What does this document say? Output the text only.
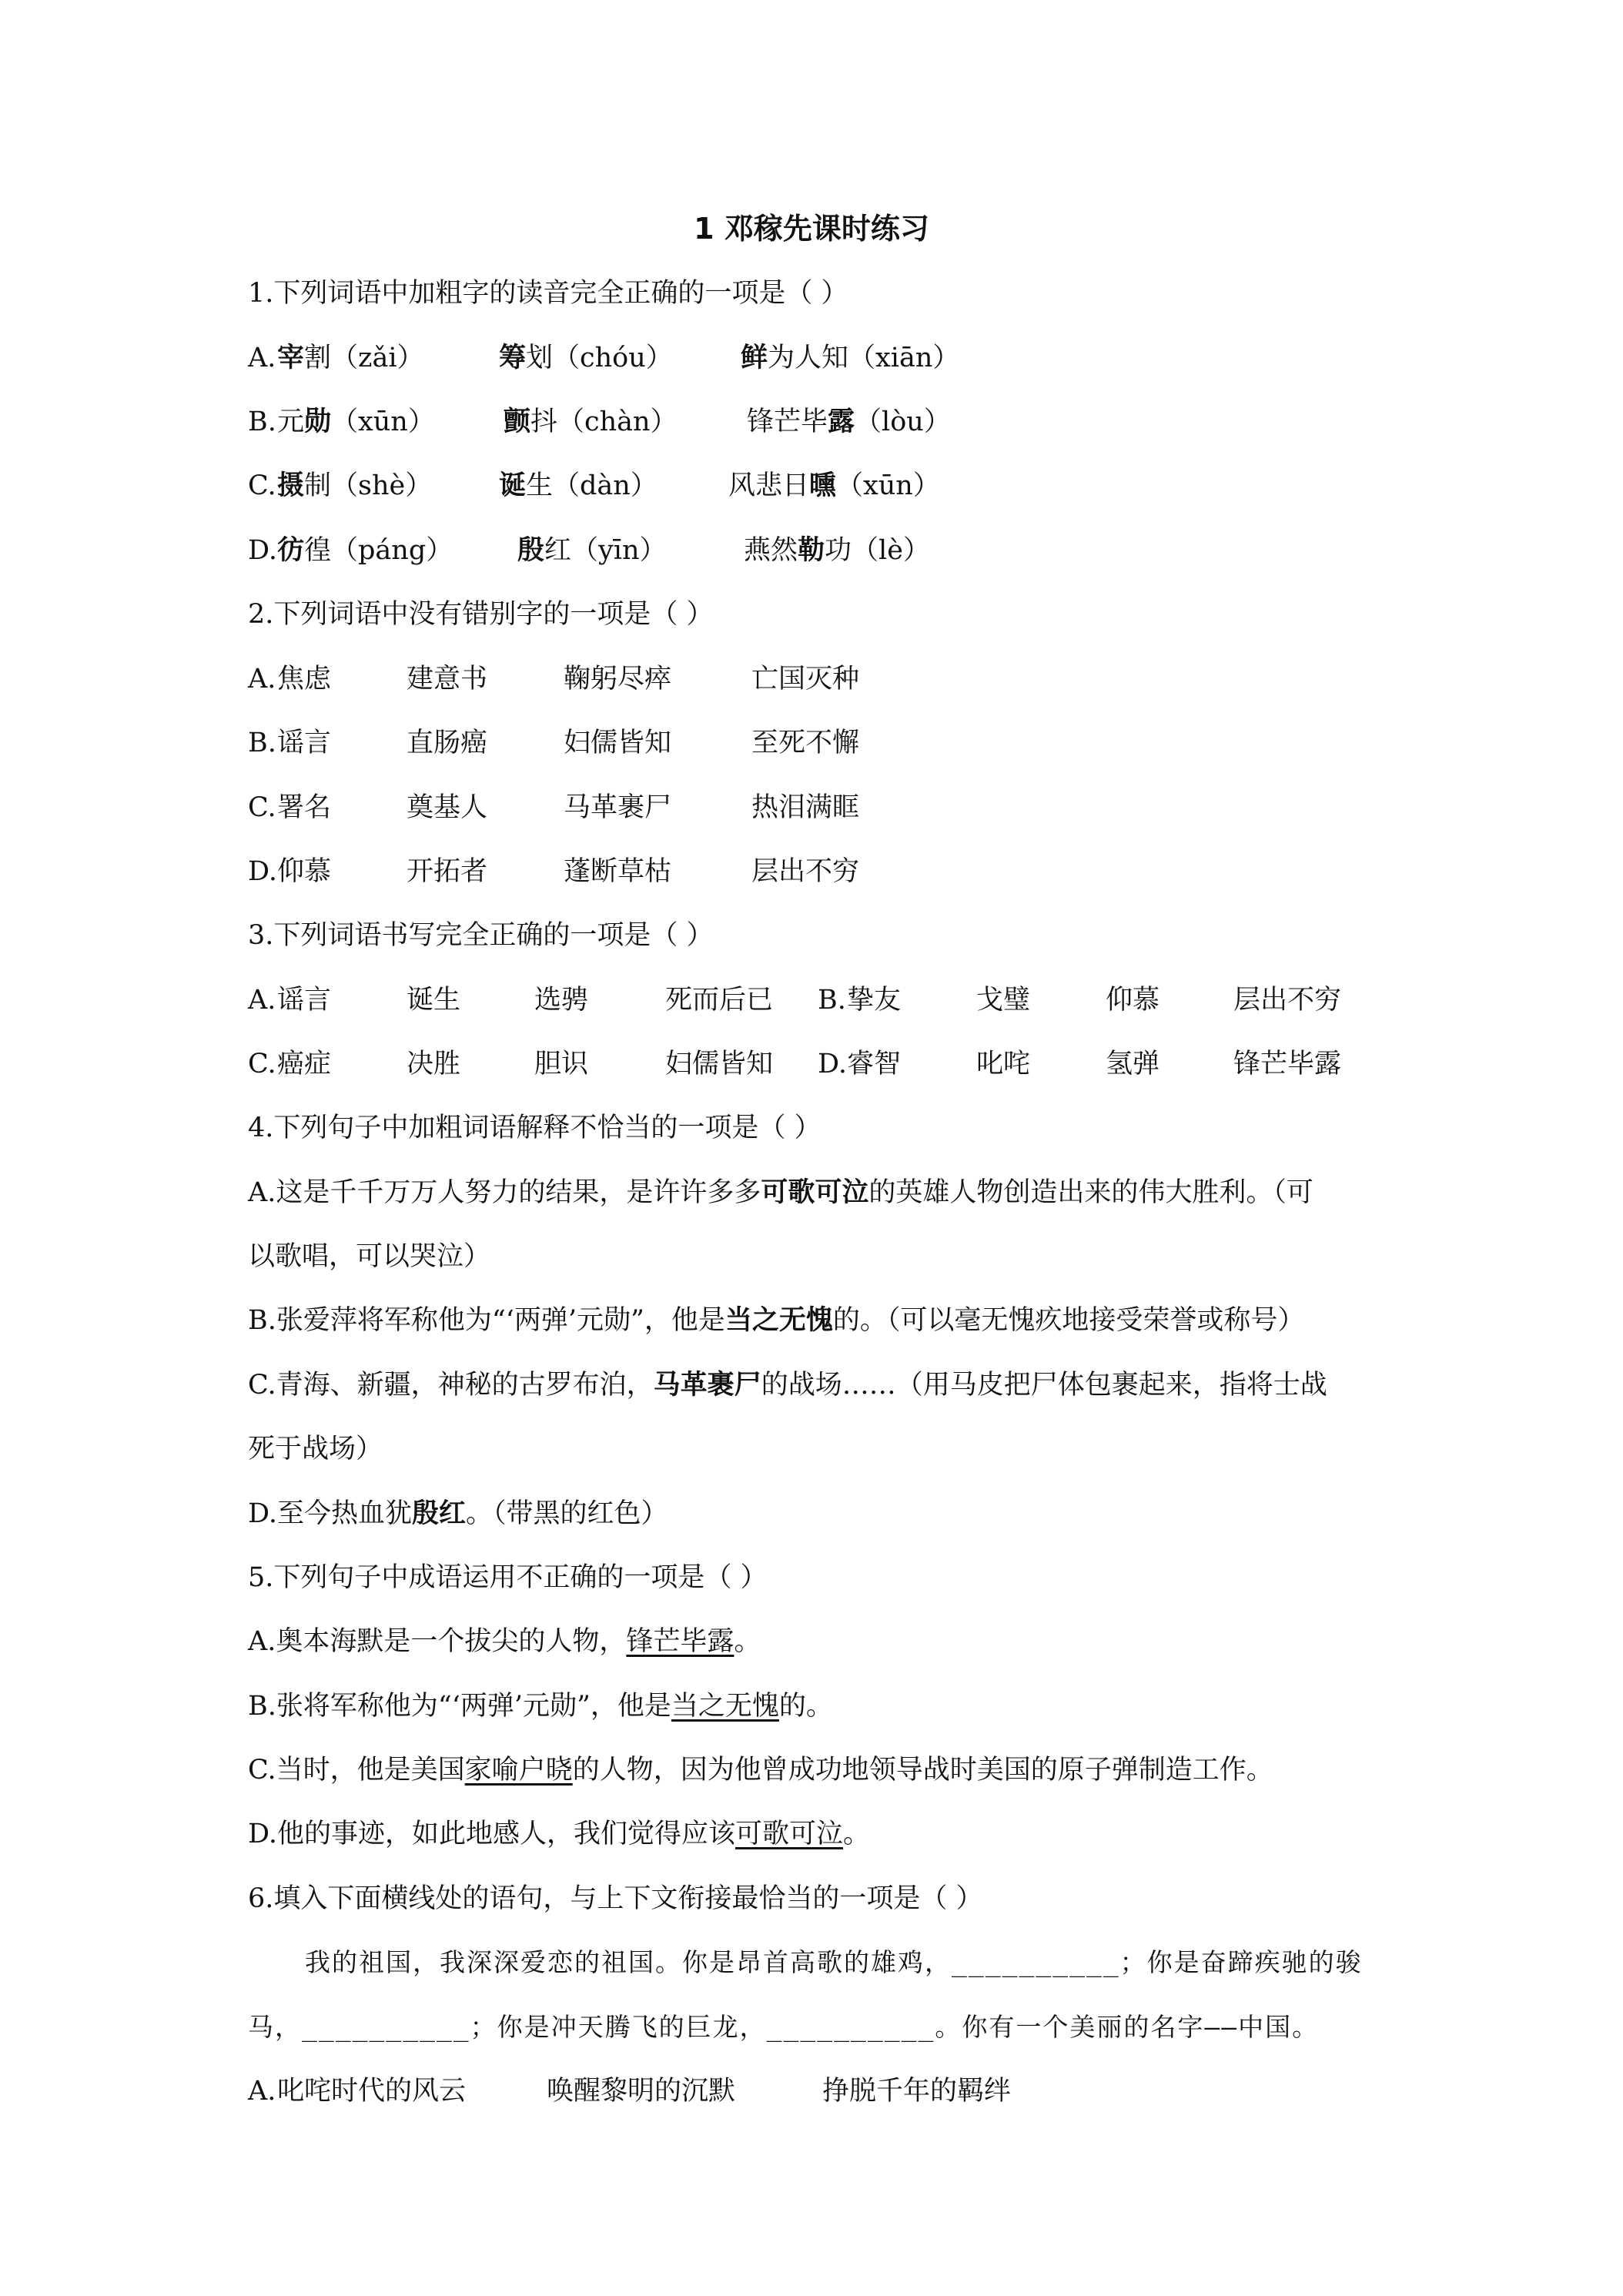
1 邓稼先课时练习
1.下列词语中加粗字的读音完全正确的一项是（ ）
A. 宰割（zǎi）	筹划（chóu）	鲜为人知（xiān）
B. 元勋（xūn）	颤抖（chàn）	锋芒毕露（lòu）
C. 摄制（shè） 诞生（dàn）	风悲日曛（xūn）
D. 彷徨（páng） 殷红（yīn）	燕然勒功（lè）
2.下列词语中没有错别字的一项是（ ）
A. 焦虑	建意书	鞠躬尽瘁	亡国灭种
B. 谣言	直肠癌	妇儒皆知	至死不懈
C. 署名	奠基人	马革裹尸	热泪满眶
D. 仰慕	开拓者	蓬断草枯	层出不穷
3.下列词语书写完全正确的一项是（ ）
A. 谣言	诞生	选骋	死而后已 B. 挚友	戈璧	仰慕	层出不穷
C. 癌症	决胜	胆识	妇儒皆知 D. 睿智	叱咤	氢弹	锋芒毕露
4.下列句子中加粗词语解释不恰当的一项是（ ）
A.这是千千万万人努力的结果，是许许多多可歌可泣的英雄人物创造出来的伟大胜利。（可
以歌唱，可以哭泣）
B.张爱萍将军称他为“‘两弹’元勋”，他是当之无愧的。（可以毫无愧疚地接受荣誉或称号）
C.青海、新疆，神秘的古罗布泊，马革裹尸的战场……（用马皮把尸体包裹起来，指将士战
死于战场）
D.至今热血犹殷红。（带黑的红色）
5.下列句子中成语运用不正确的一项是（ ）
A.奥本海默是一个拔尖的人物，锋芒毕露。
B.张将军称他为“‘两弹’元勋”，他是当之无愧的。
C.当时，他是美国家喻户晓的人物，因为他曾成功地领导战时美国的原子弹制造工作。
D.他的事迹，如此地感人，我们觉得应该可歌可泣。
6.填入下面横线处的语句，与上下文衔接最恰当的一项是（ ）
我的祖国，我深深爱恋的祖国。你是昂首高歌的雄鸡，__________；你是奋蹄疾驰的骏
马，__________；你是冲天腾飞的巨龙，__________。你有一个美丽的名字——中国。
A. 叱咤时代的风云	唤醒黎明的沉默	挣脱千年的羁绊
